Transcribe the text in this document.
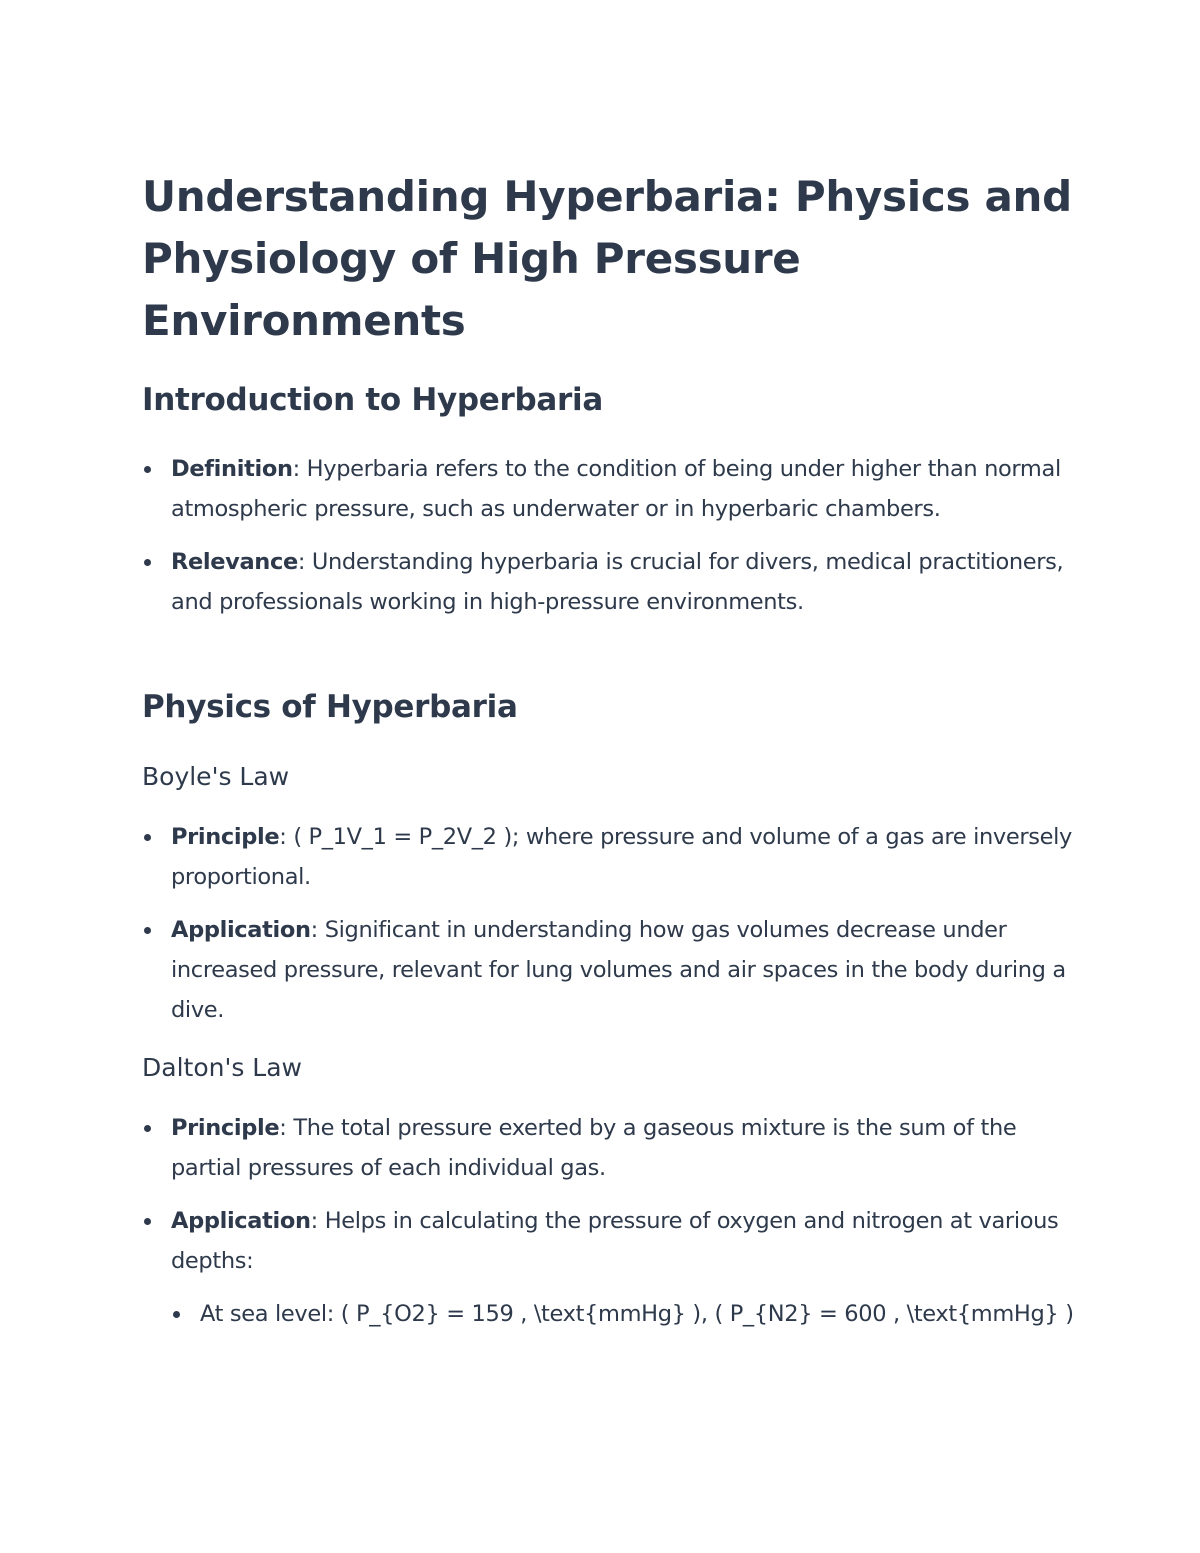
Understanding Hyperbaria: Physics and Physiology of High Pressure Environments
Introduction to Hyperbaria
Definition: Hyperbaria refers to the condition of being under higher than normal atmospheric pressure, such as underwater or in hyperbaric chambers.
Relevance: Understanding hyperbaria is crucial for divers, medical practitioners, and professionals working in high-pressure environments.
Physics of Hyperbaria
Boyle's Law
Principle: ( P_1V_1 = P_2V_2 ); where pressure and volume of a gas are inversely proportional.
Application: Significant in understanding how gas volumes decrease under increased pressure, relevant for lung volumes and air spaces in the body during a dive.
Dalton's Law
Principle: The total pressure exerted by a gaseous mixture is the sum of the partial pressures of each individual gas.
Application: Helps in calculating the pressure of oxygen and nitrogen at various depths:
At sea level: ( P_{O2} = 159 , \text{mmHg} ), ( P_{N2} = 600 , \text{mmHg} )
